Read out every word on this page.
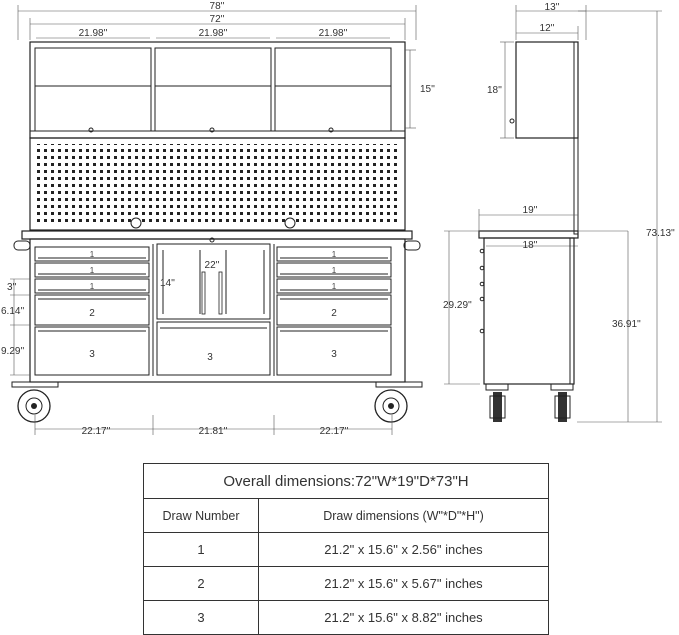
78''
72''
21.98''	21.98''	21.98''
15''
1
1
1
2
3
1
1
1
2
3
3
22''
14''
3''
6.14''
9.29''
22.17''	21.81''	22.17''
13''
12''
18''
73.13''
19''
18''
29.29''
36.91''
Overall dimensions:72"W*19"D*73"H	
Draw Number	Draw dimensions (W"*D"*H")
1	21.2" x 15.6" x 2.56" inches
2	21.2" x 15.6" x 5.67" inches
3	21.2" x 15.6" x 8.82" inches
